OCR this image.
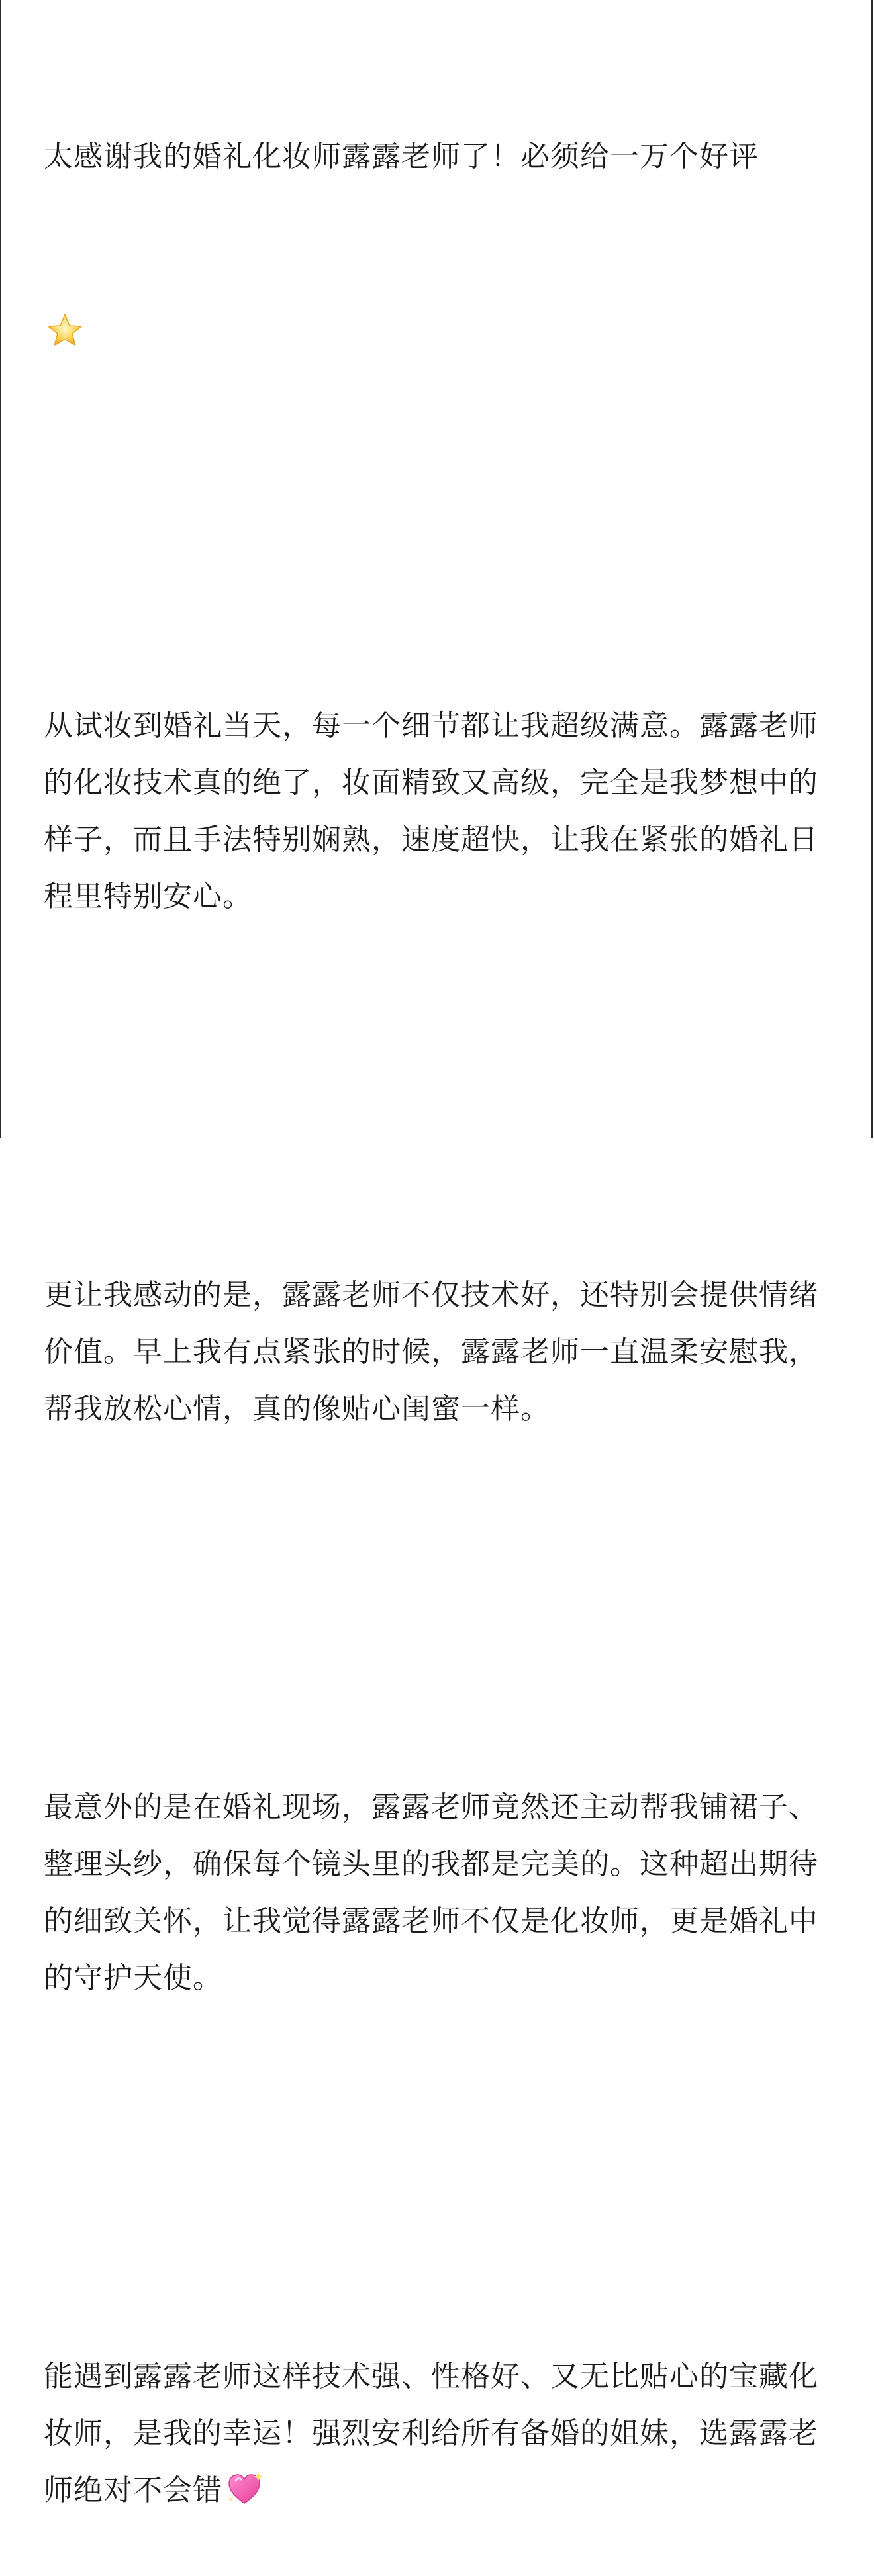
太感谢我的婚礼化妆师露露老师了！必须给一万个好评

从试妆到婚礼当天，每一个细节都让我超级满意。露露老师的化妆技术真的绝了，妆面精致又高级，完全是我梦想中的样子，而且手法特别娴熟，速度超快，让我在紧张的婚礼日程里特别安心。

更让我感动的是，露露老师不仅技术好，还特别会提供情绪价值。早上我有点紧张的时候，露露老师一直温柔安慰我，帮我放松心情，真的像贴心闺蜜一样。

最意外的是在婚礼现场，露露老师竟然还主动帮我铺裙子、整理头纱，确保每个镜头里的我都是完美的。这种超出期待的细致关怀，让我觉得露露老师不仅是化妆师，更是婚礼中的守护天使。

能遇到露露老师这样技术强、性格好、又无比贴心的宝藏化妆师，是我的幸运！强烈安利给所有备婚的姐妹，选露露老师绝对不会错
